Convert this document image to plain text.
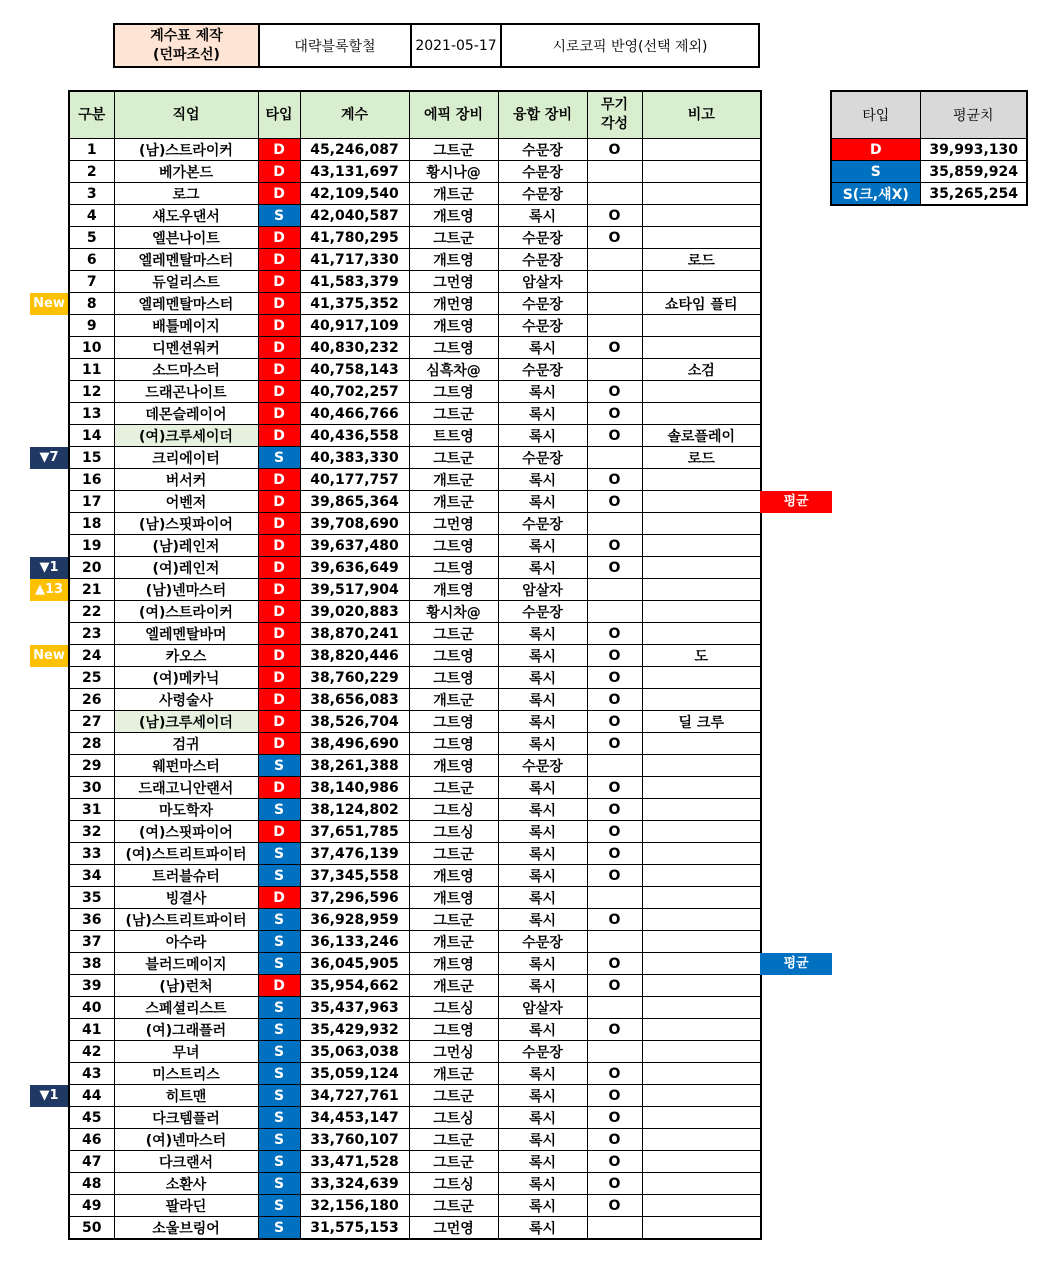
계수표 제작
(던파조선)	대략블록할철	2021-05-17	시로코픽 반영(선택 제외)
구분	직업	타입	계수	에픽 장비	융합 장비	무기
각성	비고
1	(남)스트라이커	D	45,246,087	그트군	수문장	O	
2	베가본드	D	43,131,697	황시나@	수문장		
3	로그	D	42,109,540	개트군	수문장		
4	섀도우댄서	S	42,040,587	개트영	록시	O	
5	엘븐나이트	D	41,780,295	그트군	수문장	O	
6	엘레멘탈마스터	D	41,717,330	개트영	수문장		로드
7	듀얼리스트	D	41,583,379	그먼영	암살자		
8	엘레멘탈마스터	D	41,375,352	개먼영	수문장		쇼타임 플티
9	배틀메이지	D	40,917,109	개트영	수문장		
10	디멘션워커	D	40,830,232	그트영	록시	O	
11	소드마스터	D	40,758,143	심흑차@	수문장		소검
12	드래곤나이트	D	40,702,257	그트영	록시	O	
13	데몬슬레이어	D	40,466,766	그트군	록시	O	
14	(여)크루세이더	D	40,436,558	트트영	록시	O	솔로플레이
15	크리에이터	S	40,383,330	그트군	수문장		로드
16	버서커	D	40,177,757	개트군	록시	O	
17	어벤저	D	39,865,364	개트군	록시	O	
18	(남)스핏파이어	D	39,708,690	그먼영	수문장		
19	(남)레인저	D	39,637,480	그트영	록시	O	
20	(여)레인저	D	39,636,649	그트영	록시	O	
21	(남)넨마스터	D	39,517,904	개트영	암살자		
22	(여)스트라이커	D	39,020,883	황시차@	수문장		
23	엘레멘탈바머	D	38,870,241	그트군	록시	O	
24	카오스	D	38,820,446	그트영	록시	O	도
25	(여)메카닉	D	38,760,229	그트영	록시	O	
26	사령술사	D	38,656,083	개트군	록시	O	
27	(남)크루세이더	D	38,526,704	그트영	록시	O	딜 크루
28	검귀	D	38,496,690	그트영	록시	O	
29	웨펀마스터	S	38,261,388	개트영	수문장		
30	드래고니안랜서	D	38,140,986	그트군	록시	O	
31	마도학자	S	38,124,802	그트싱	록시	O	
32	(여)스핏파이어	D	37,651,785	그트싱	록시	O	
33	(여)스트리트파이터	S	37,476,139	그트군	록시	O	
34	트러블슈터	S	37,345,558	개트영	록시	O	
35	빙결사	D	37,296,596	개트영	록시		
36	(남)스트리트파이터	S	36,928,959	그트군	록시	O	
37	아수라	S	36,133,246	개트군	수문장		
38	블러드메이지	S	36,045,905	개트영	록시	O	
39	(남)런처	D	35,954,662	개트군	록시	O	
40	스페셜리스트	S	35,437,963	그트싱	암살자		
41	(여)그래플러	S	35,429,932	그트영	록시	O	
42	무녀	S	35,063,038	그먼싱	수문장		
43	미스트리스	S	35,059,124	개트군	록시	O	
44	히트맨	S	34,727,761	그트군	록시	O	
45	다크템플러	S	34,453,147	그트싱	록시	O	
46	(여)넨마스터	S	33,760,107	그트군	록시	O	
47	다크랜서	S	33,471,528	그트군	록시	O	
48	소환사	S	33,324,639	그트싱	록시	O	
49	팔라딘	S	32,156,180	그트군	록시	O	
50	소울브링어	S	31,575,153	그먼영	록시		
New
▼7
▼1
▲13
New
▼1
평균
평균
타입	평균치
D	39,993,130
S	35,859,924
S(크,섀X)	35,265,254
